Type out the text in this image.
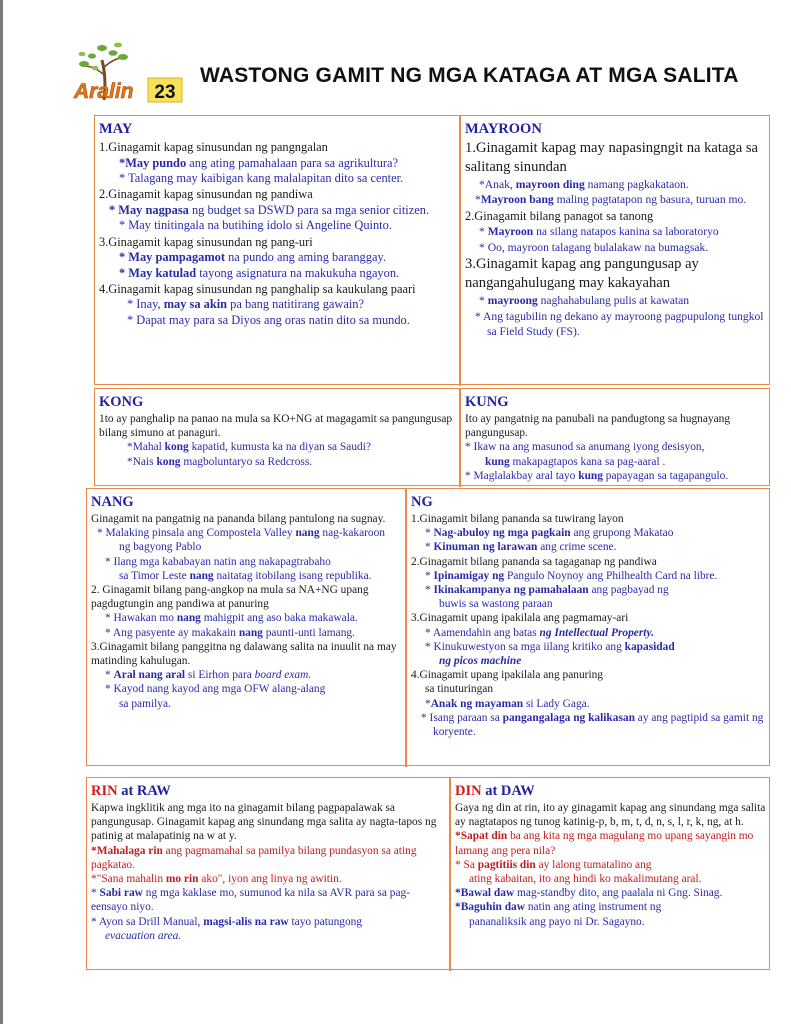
Aralin 23
WASTONG GAMIT NG MGA KATAGA AT MGA SALITA
MAY
1.Ginagamit kapag sinusundan ng pangngalan
*May pundo ang ating pamahalaan para sa agrikultura?
* Talagang may kaibigan kang malalapitan dito sa center.
2.Ginagamit kapag sinusundan ng pandiwa
* May nagpasa ng budget sa DSWD para sa mga senior citizen.
* May tinitingala na butihing idolo si Angeline Quinto.
3.Ginagamit kapag sinusundan ng pang-uri
* May pampagamot na pundo ang aming baranggay.
* May katulad tayong asignatura na makukuha ngayon.
4.Ginagamit kapag sinusundan ng panghalip sa kaukulang paari
* Inay, may sa akin pa bang natitirang gawain?
* Dapat may para sa Diyos ang oras natin dito sa mundo.
MAYROON
1.Ginagamit kapag may napasingngit na kataga sa salitang sinundan
*Anak, mayroon ding namang pagkakataon.
*Mayroon bang maling pagtatapon ng basura, turuan mo.
2.Ginagamit bilang panagot sa tanong
* Mayroon na silang natapos kanina sa laboratoryo
* Oo, mayroon talagang bulalakaw na bumagsak.
3.Ginagamit kapag ang pangungusap ay nangangahulugang may kakayahan
* mayroong naghahabulang pulis at kawatan
* Ang tagubilin ng dekano ay mayroong pagpupulong tungkol sa Field Study (FS).
KONG
1to ay panghalip na panao na mula sa KO+NG at magagamit sa pangungusap bilang simuno at panaguri.
*Mahal kong kapatid, kumusta ka na diyan sa Saudi?
*Nais kong magboluntaryo sa Redcross.
KUNG
Ito ay pangatnig na panubali na pandugtong sa hugnayang pangungusap.
* Ikaw na ang masunod sa anumang iyong desisyon,
kung makapagtapos kana sa pag-aaral .
* Maglalakbay aral tayo kung papayagan sa tagapangulo.
NANG
Ginagamit na pangatnig na pananda bilang pantulong na sugnay.
* Malaking pinsala ang Compostela Valley nang nag-kakaroon
ng bagyong Pablo
* Ilang mga kababayan natin ang nakapagtrabaho
sa Timor Leste nang naitatag itobilang isang republika.
2. Ginagamit bilang pang-angkop na mula sa NA+NG upang pagdugtungin ang pandiwa at panuring
* Hawakan mo nang mahigpit ang aso baka makawala.
* Ang pasyente ay makakain nang paunti-unti lamang.
3.Ginagamit bilang panggitna ng dalawang salita na inuulit na may matinding kahulugan.
* Aral nang aral si Eirhon para board exam.
* Kayod nang kayod ang mga OFW alang-alang
sa pamilya.
NG
1.Ginagamit bilang pananda sa tuwirang layon
* Nag-abuloy ng mga pagkain ang grupong Makatao
* Kinuman ng larawan ang crime scene.
2.Ginagamit bilang pananda sa tagaganap ng pandiwa
* Ipinamigay ng Pangulo Noynoy ang Philhealth Card na libre.
* Ikinakampanya ng pamahalaan ang pagbayad ng
buwis sa wastong paraan
3.Ginagamit upang ipakilala ang pagmamay-ari
* Aamendahin ang batas ng Intellectual Property.
* Kinukuwestyon sa mga iilang kritiko ang kapasidad
ng picos machine
4.Ginagamit upang ipakilala ang panuring
sa tinuturingan
*Anak ng mayaman si Lady Gaga.
* Isang paraan sa pangangalaga ng kalikasan ay ang pagtipid sa gamit ng koryente.
RIN at RAW
Kapwa ingklitik ang mga ito na ginagamit bilang pagpapalawak sa pangungusap. Ginagamit kapag ang sinundang mga salita ay nagta-tapos ng patinig at malapatinig na w at y.
*Mahalaga rin ang pagmamahal sa pamilya bilang pundasyon sa ating pagkatao.
*"Sana mahalin mo rin ako", iyon ang linya ng awitin.
* Sabi raw ng mga kaklase mo, sumunod ka nila sa AVR para sa pag-eensayo niyo.
* Ayon sa Drill Manual, magsi-alis na raw tayo patungong
evacuation area.
DIN at DAW
Gaya ng din at rin, ito ay ginagamit kapag ang sinundang mga salita ay nagtatapos ng tunog katinig-p, b, m, t, d, n, s, l, r, k, ng, at h.
*Sapat din ba ang kita ng mga magulang mo upang sayangin mo lamang ang pera nila?
* Sa pagtitiis din ay lalong tumatalino ang
ating kabaitan, ito ang hindi ko makalimutang aral.
*Bawal daw mag-standby dito, ang paalala ni Gng. Sinag.
*Baguhin daw natin ang ating instrument ng
pananaliksik ang payo ni Dr. Sagayno.
